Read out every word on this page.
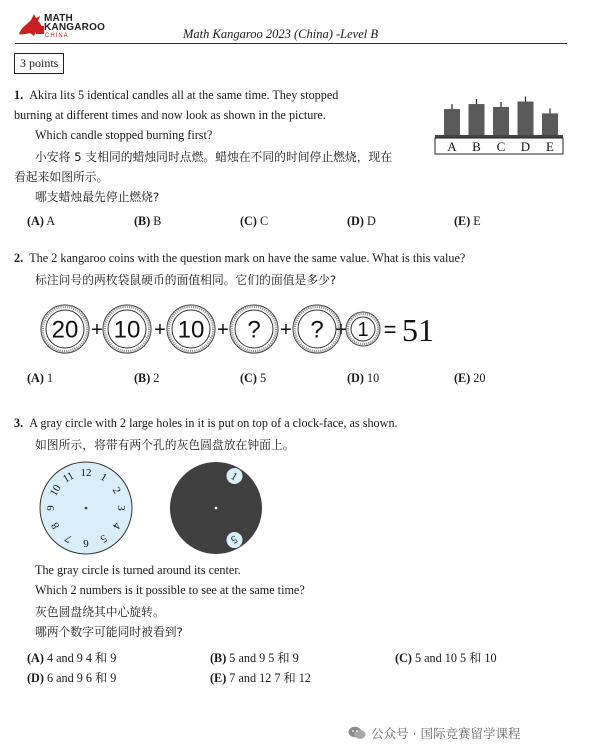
MATH
KANGAROO
CHINA	Math Kangaroo 2023 (China) -Level B
3 points
1. Akira lits 5 identical candles all at the same time. They stopped
burning at different times and now look as shown in the picture.
Which candle stopped burning first?
小安将 5 支相同的蜡烛同时点燃。蜡烛在不同的时间停止燃烧，现在
看起来如图所示。
哪支蜡烛最先停止燃烧?
A B C D E
(A) A	(B) B	(C) C	(D) D	(E) E
2. The 2 kangaroo coins with the question mark on have the same value. What is this value?
标注问号的两枚袋鼠硬币的面值相同。它们的面值是多少?
20 10 10 ? ? 1
+	+	+	+ + = 51
(A) 1	(B) 2	(C) 5	(D) 10	(E) 20
3. A gray circle with 2 large holes in it is put on top of a clock-face, as shown.
如图所示，将带有两个孔的灰色圆盘放在钟面上。
12 1
2
3
4
5
6
7
8
9
10
11	1
5
The gray circle is turned around its center.
Which 2 numbers is it possible to see at the same time?
灰色圆盘绕其中心旋转。
哪两个数字可能同时被看到?
(A) 4 and 9 4 和 9	(B) 5 and 9 5 和 9	(C) 5 and 10 5 和 10
(D) 6 and 9 6 和 9	(E) 7 and 12 7 和 12
公众号 · 国际竞赛留学课程
